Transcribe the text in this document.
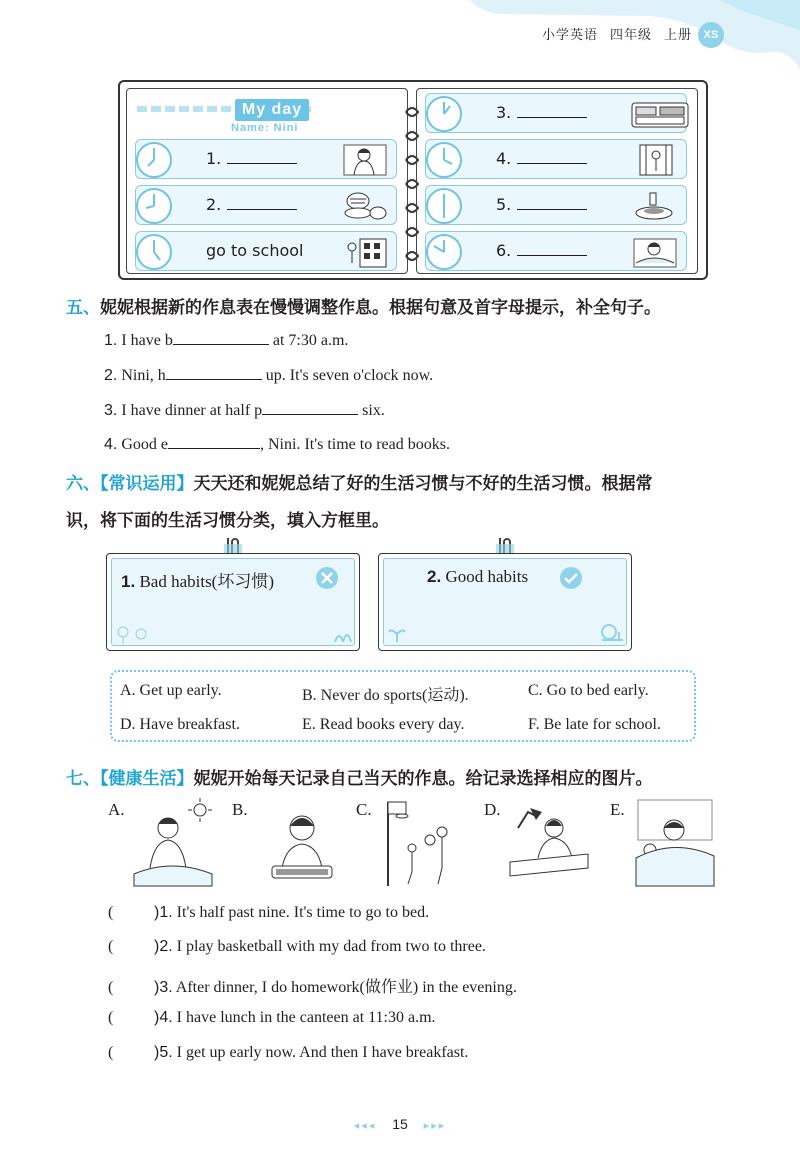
小学英语 四年级 上册	XS
My day
Name: Nini
1.
2.
go to school
3.
4.
5.
6.
五、妮妮根据新的作息表在慢慢调整作息。根据句意及首字母提示，补全句子。
1. I have b	at 7:30 a.m.
2. Nini, h	up. It's seven o'clock now.
3. I have dinner at half p	six.
4. Good e	, Nini. It's time to read books.
六、【常识运用】天天还和妮妮总结了好的生活习惯与不好的生活习惯。根据常
识，将下面的生活习惯分类，填入方框里。
1. Bad habits(坏习惯)	2. Good habits
A. Get up early.	B. Never do sports(运动).	C. Go to bed early.
D. Have breakfast.	E. Read books every day.	F. Be late for school.
七、【健康生活】妮妮开始每天记录自己当天的作息。给记录选择相应的图片。
A.	B.	C.	D.	E.
(	)1. It's half past nine. It's time to go to bed.
(	)2. I play basketball with my dad from two to three.
(	)3. After dinner, I do homework(做作业) in the evening.
(	)4. I have lunch in the canteen at 11:30 a.m.
(	)5. I get up early now. And then I have breakfast.
◂◂◂ 15 ▸▸▸
